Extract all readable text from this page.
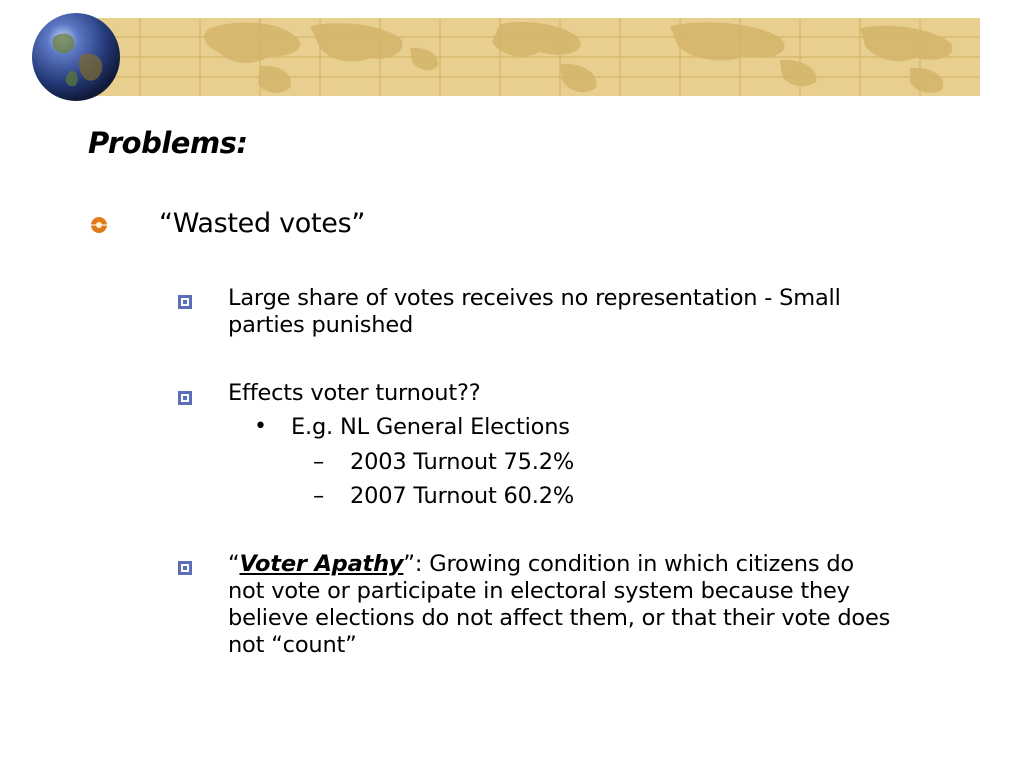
Problems:
“Wasted votes”
Large share of votes receives no representation - Small
parties punished
Effects voter turnout??
• E.g. NL General Elections
– 2003 Turnout 75.2%
– 2007 Turnout 60.2%
“Voter Apathy”: Growing condition in which citizens do
not vote or participate in electoral system because they
believe elections do not affect them, or that their vote does
not “count”
